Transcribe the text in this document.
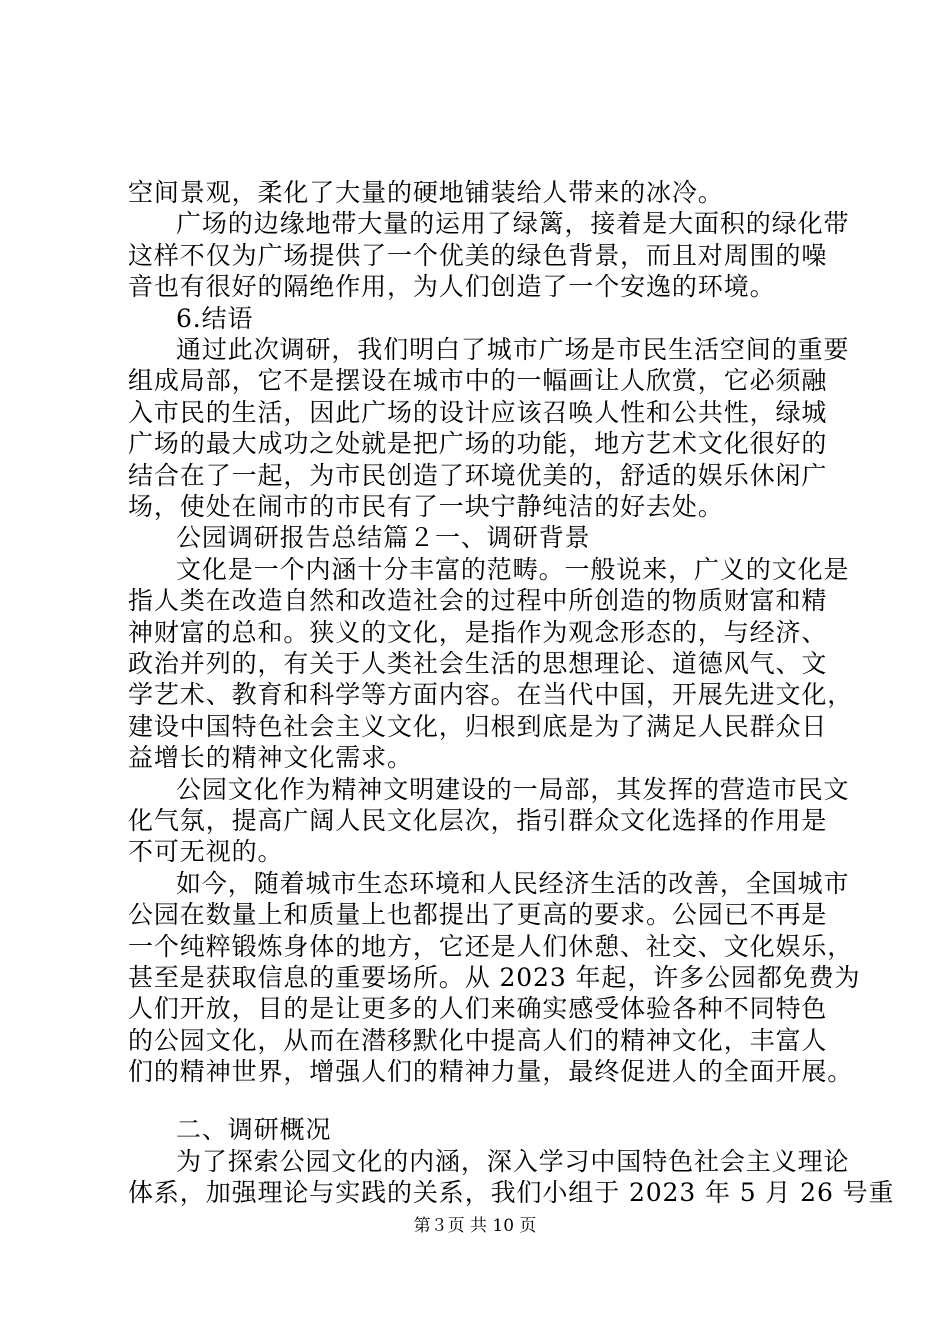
空间景观，柔化了大量的硬地铺装给人带来的冰冷。
广场的边缘地带大量的运用了绿篱，接着是大面积的绿化带
这样不仅为广场提供了一个优美的绿色背景，而且对周围的噪
音也有很好的隔绝作用，为人们创造了一个安逸的环境。
6.结语
通过此次调研，我们明白了城市广场是市民生活空间的重要
组成局部，它不是摆设在城市中的一幅画让人欣赏，它必须融
入市民的生活，因此广场的设计应该召唤人性和公共性，绿城
广场的最大成功之处就是把广场的功能，地方艺术文化很好的
结合在了一起，为市民创造了环境优美的，舒适的娱乐休闲广
场，使处在闹市的市民有了一块宁静纯洁的好去处。
公园调研报告总结篇２一、调研背景
文化是一个内涵十分丰富的范畴。一般说来，广义的文化是
指人类在改造自然和改造社会的过程中所创造的物质财富和精
神财富的总和。狭义的文化，是指作为观念形态的，与经济、
政治并列的，有关于人类社会生活的思想理论、道德风气、文
学艺术、教育和科学等方面内容。在当代中国，开展先进文化，
建设中国特色社会主义文化，归根到底是为了满足人民群众日
益增长的精神文化需求。
公园文化作为精神文明建设的一局部，其发挥的营造市民文
化气氛，提高广阔人民文化层次，指引群众文化选择的作用是
不可无视的。
如今，随着城市生态环境和人民经济生活的改善，全国城市
公园在数量上和质量上也都提出了更高的要求。公园已不再是
一个纯粹锻炼身体的地方，它还是人们休憩、社交、文化娱乐，
甚至是获取信息的重要场所。从 2023 年起，许多公园都免费为
人们开放，目的是让更多的人们来确实感受体验各种不同特色
的公园文化，从而在潜移默化中提高人们的精神文化，丰富人
们的精神世界，增强人们的精神力量，最终促进人的全面开展。
二、调研概况
为了探索公园文化的内涵，深入学习中国特色社会主义理论
体系，加强理论与实践的关系，我们小组于 2023 年 5 月 26 号重
第３页 共 10 页
